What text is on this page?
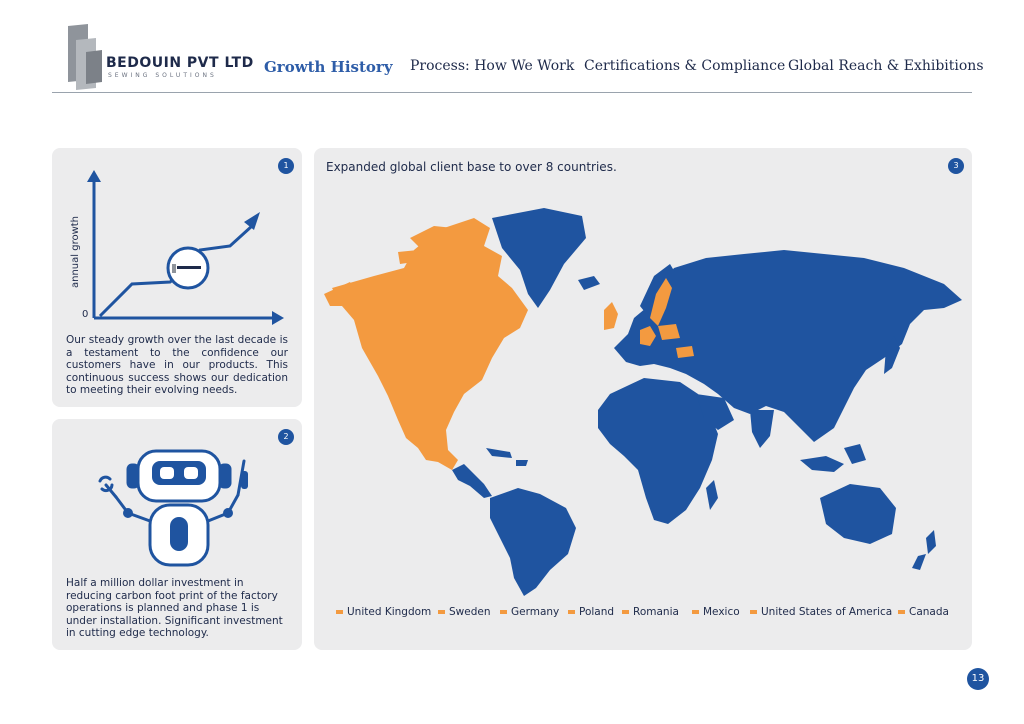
BEDOUIN PVT LTD
SEWING SOLUTIONS	Growth History Process: How We Work Certifications & Compliance Global Reach & Exhibitions
1
annual growth
0
Our steady growth over the last decade is a testament to the confidence our customers have in our products. This continuous success shows our dedication to meeting their evolving needs.
2
Half a million dollar investment in reducing carbon foot print of the factory operations is planned and phase 1 is under installation. Significant investment in cutting edge technology.
Expanded global client base to over 8 countries.	3
United Kingdom	Sweden	Germany	Poland	Romania	Mexico	United States of America	Canada
13
